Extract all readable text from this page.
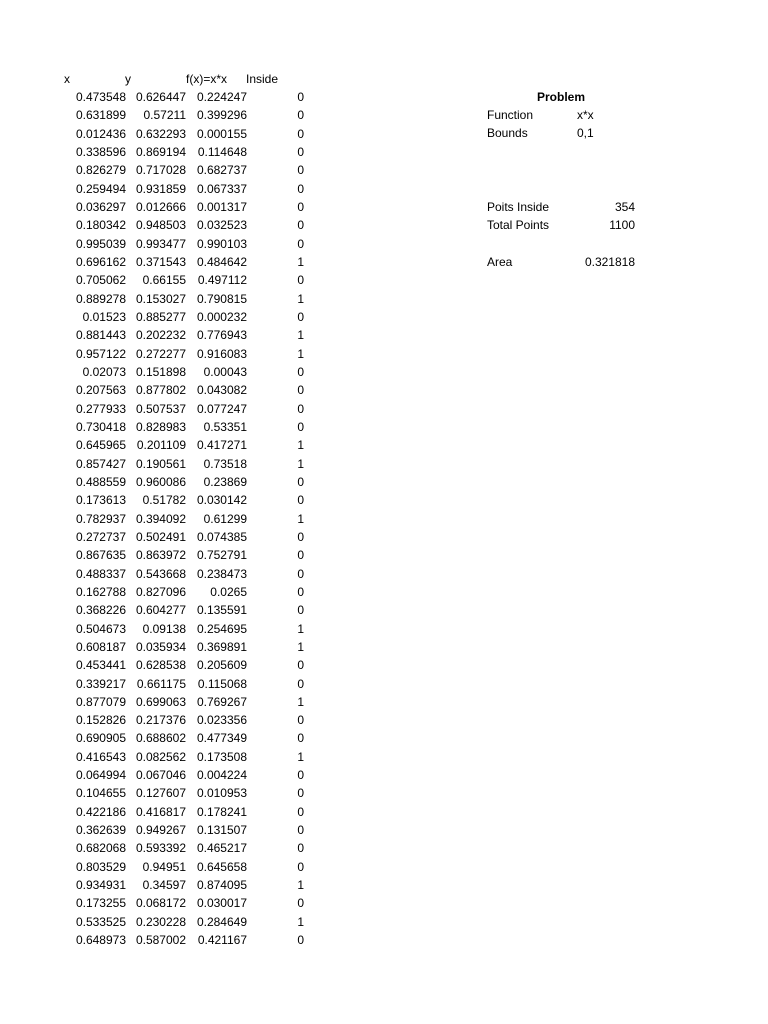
x	y	f(x)=x*x Inside
0.473548 0.626447 0.224247	0
0.631899 0.57211 0.399296	0
0.012436 0.632293 0.000155	0
0.338596 0.869194 0.114648	0
0.826279 0.717028 0.682737	0
0.259494 0.931859 0.067337	0
0.036297 0.012666 0.001317	0
0.180342 0.948503 0.032523	0
0.995039 0.993477 0.990103	0
0.696162 0.371543 0.484642	1
0.705062 0.66155 0.497112	0
0.889278 0.153027 0.790815	1
0.01523 0.885277 0.000232	0
0.881443 0.202232 0.776943	1
0.957122 0.272277 0.916083	1
0.02073 0.151898 0.00043	0
0.207563 0.877802 0.043082	0
0.277933 0.507537 0.077247	0
0.730418 0.828983 0.53351	0
0.645965 0.201109 0.417271	1
0.857427 0.190561 0.73518	1
0.488559 0.960086 0.23869	0
0.173613 0.51782 0.030142	0
0.782937 0.394092 0.61299	1
0.272737 0.502491 0.074385	0
0.867635 0.863972 0.752791	0
0.488337 0.543668 0.238473	0
0.162788 0.827096 0.0265	0
0.368226 0.604277 0.135591	0
0.504673 0.09138 0.254695	1
0.608187 0.035934 0.369891	1
0.453441 0.628538 0.205609	0
0.339217 0.661175 0.115068	0
0.877079 0.699063 0.769267	1
0.152826 0.217376 0.023356	0
0.690905 0.688602 0.477349	0
0.416543 0.082562 0.173508	1
0.064994 0.067046 0.004224	0
0.104655 0.127607 0.010953	0
0.422186 0.416817 0.178241	0
0.362639 0.949267 0.131507	0
0.682068 0.593392 0.465217	0
0.803529 0.94951 0.645658	0
0.934931 0.34597 0.874095	1
0.173255 0.068172 0.030017	0
0.533525 0.230228 0.284649	1
0.648973 0.587002 0.421167	0
Problem
Function	x*x
Bounds	0,1
Poits Inside	354
Total Points	1100
Area	0.321818
